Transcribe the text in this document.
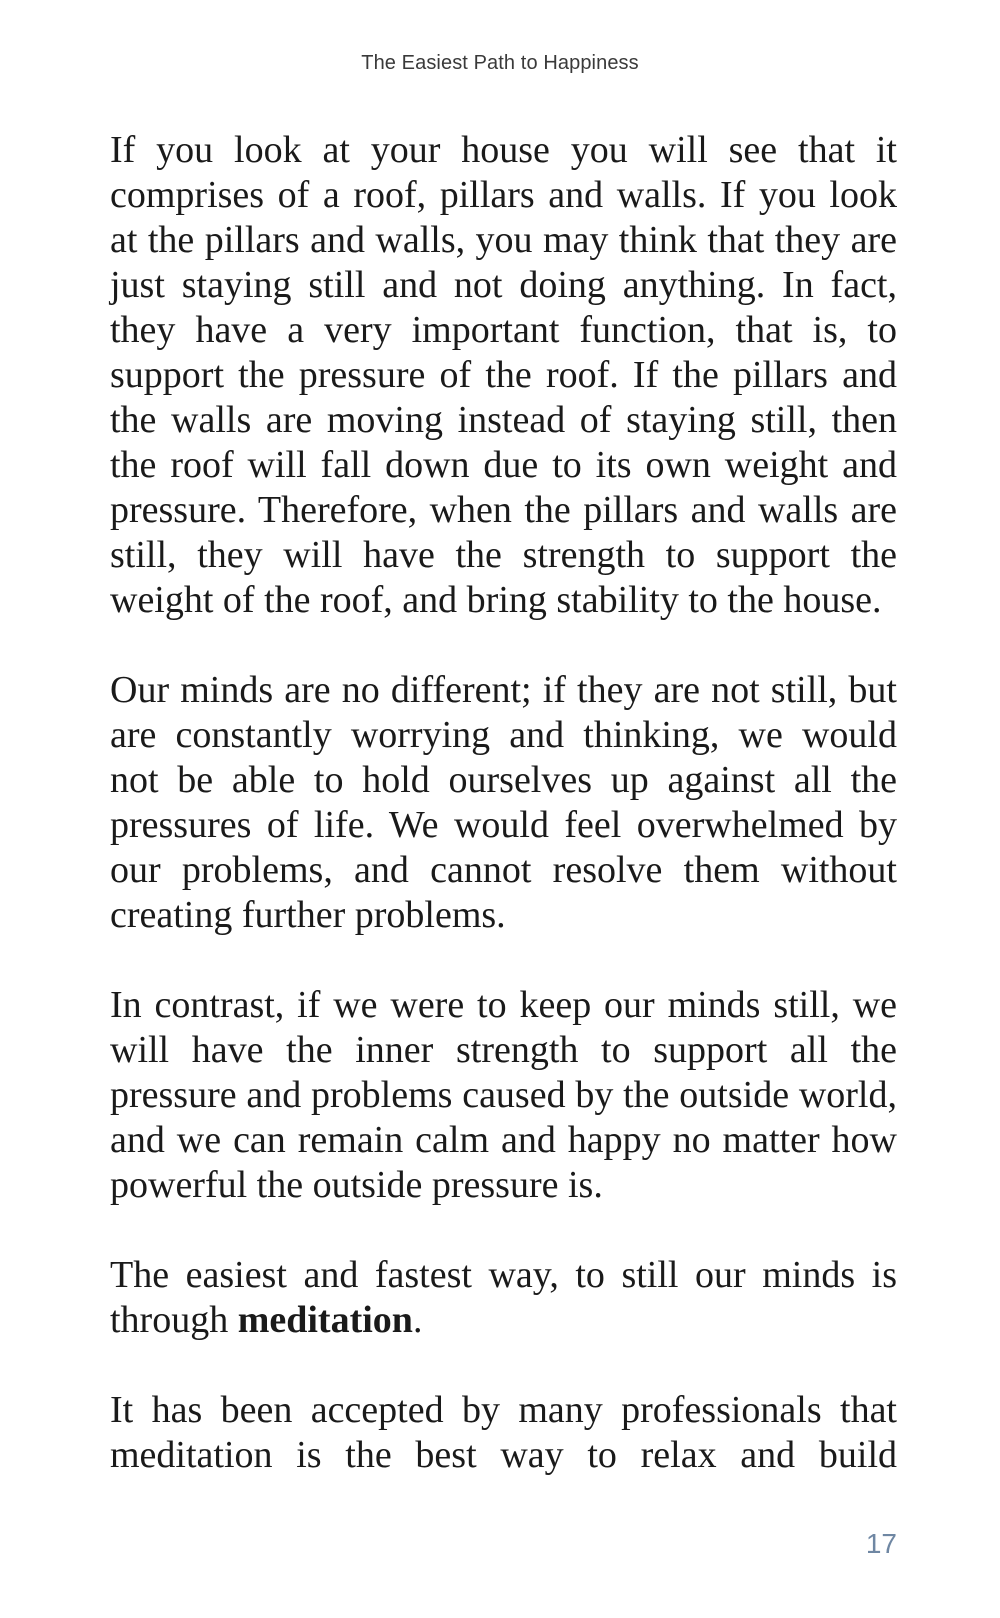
The Easiest Path to Happiness

If you look at your house you will see that it comprises of a roof, pillars and walls. If you look at the pillars and walls, you may think that they are just staying still and not doing anything. In fact, they have a very important function, that is, to support the pressure of the roof. If the pillars and the walls are moving instead of staying still, then the roof will fall down due to its own weight and pressure. Therefore, when the pillars and walls are still, they will have the strength to support the weight of the roof, and bring stability to the house.

Our minds are no different; if they are not still, but are constantly worrying and thinking, we would not be able to hold ourselves up against all the pressures of life. We would feel overwhelmed by our problems, and cannot resolve them without creating further problems.

In contrast, if we were to keep our minds still, we will have the inner strength to support all the pressure and problems caused by the outside world, and we can remain calm and happy no matter how powerful the outside pressure is.

The easiest and fastest way, to still our minds is through meditation.

It has been accepted by many professionals that meditation is the best way to relax and build

17
